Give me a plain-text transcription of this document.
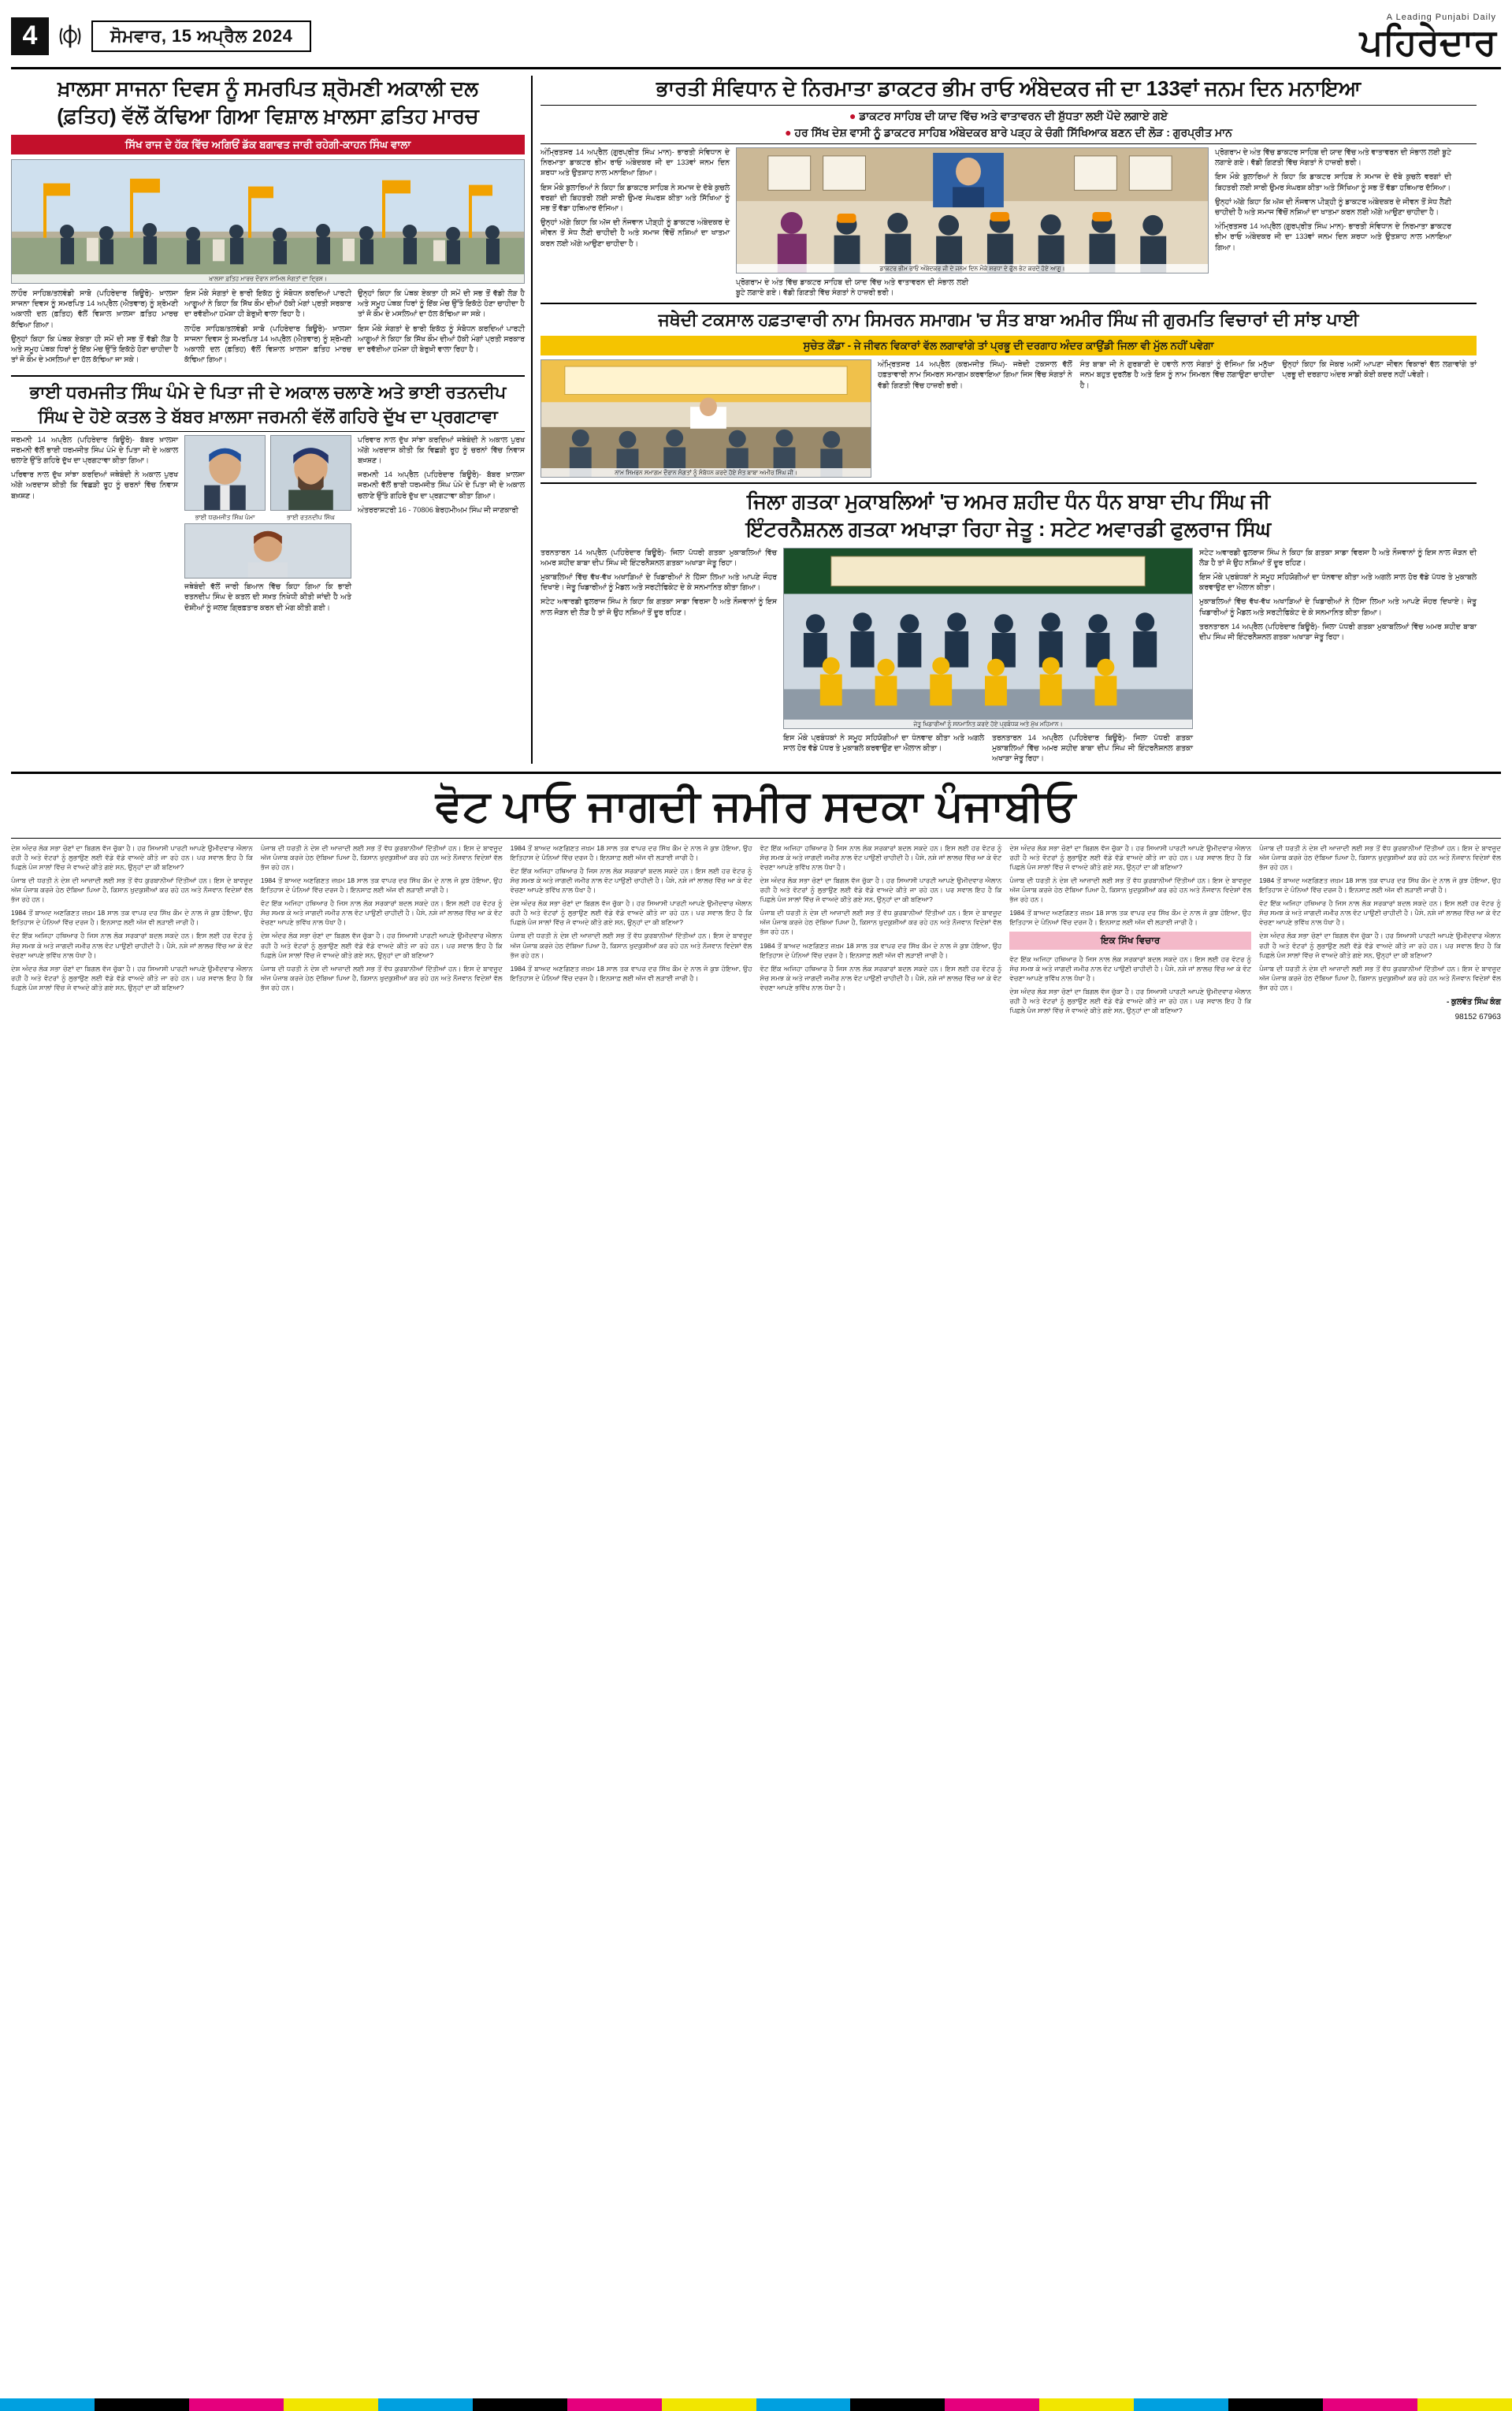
4	ਸੋਮਵਾਰ, 15 ਅਪ੍ਰੈਲ 2024
A Leading Punjabi Daily
ਪਹਿਰੇਦਾਰ
ਖ਼ਾਲਸਾ ਸਾਜਨਾ ਦਿਵਸ ਨੂੰ ਸਮਰਪਿਤ ਸ਼੍ਰੋਮਣੀ ਅਕਾਲੀ ਦਲ
(ਫ਼ਤਿਹ) ਵੱਲੋਂ ਕੱਢਿਆ ਗਿਆ ਵਿਸ਼ਾਲ ਖ਼ਾਲਸਾ ਫ਼ਤਿਹ ਮਾਰਚ
ਸਿੱਖ ਰਾਜ ਦੇ ਹੱਕ ਵਿੱਚ ਅਗਿਓਂ ਡੱਕ ਬਗਾਵਤ ਜਾਰੀ ਰਹੇਗੀ-ਕਾਹਨ ਸਿੰਘ ਵਾਲਾ
ਖ਼ਾਲਸਾ ਫ਼ਤਿਹ ਮਾਰਚ ਦੌਰਾਨ ਸ਼ਾਮਿਲ ਸੰਗਤਾਂ ਦਾ ਦ੍ਰਿਸ਼।

ਲਾਹੌਰ ਸਾਹਿਬ/ਤਲਵੰਡੀ ਸਾਬੋ (ਪਹਿਰੇਦਾਰ ਬਿਊਰੋ)- ਖ਼ਾਲਸਾ ਸਾਜਨਾ ਦਿਵਸ ਨੂੰ ਸਮਰਪਿਤ 14 ਅਪ੍ਰੈਲ (ਐਤਵਾਰ) ਨੂੰ ਸ਼੍ਰੋਮਣੀ ਅਕਾਲੀ ਦਲ (ਫ਼ਤਿਹ) ਵੱਲੋਂ ਵਿਸ਼ਾਲ ਖ਼ਾਲਸਾ ਫ਼ਤਿਹ ਮਾਰਚ ਕੱਢਿਆ ਗਿਆ।

ਉਨ੍ਹਾਂ ਕਿਹਾ ਕਿ ਪੰਥਕ ਏਕਤਾ ਹੀ ਸਮੇਂ ਦੀ ਸਭ ਤੋਂ ਵੱਡੀ ਲੋੜ ਹੈ ਅਤੇ ਸਮੂਹ ਪੰਥਕ ਧਿਰਾਂ ਨੂੰ ਇੱਕ ਮੰਚ ਉੱਤੇ ਇਕੱਠੇ ਹੋਣਾ ਚਾਹੀਦਾ ਹੈ ਤਾਂ ਜੋ ਕੌਮ ਦੇ ਮਸਲਿਆਂ ਦਾ ਹੱਲ ਕੱਢਿਆ ਜਾ ਸਕੇ।

ਇਸ ਮੌਕੇ ਸੰਗਤਾਂ ਦੇ ਭਾਰੀ ਇਕੱਠ ਨੂੰ ਸੰਬੋਧਨ ਕਰਦਿਆਂ ਪਾਰਟੀ ਆਗੂਆਂ ਨੇ ਕਿਹਾ ਕਿ ਸਿੱਖ ਕੌਮ ਦੀਆਂ ਹੱਕੀ ਮੰਗਾਂ ਪ੍ਰਤੀ ਸਰਕਾਰ ਦਾ ਰਵੱਈਆ ਹਮੇਸ਼ਾ ਹੀ ਬੇਰੁਖ਼ੀ ਵਾਲਾ ਰਿਹਾ ਹੈ।

ਲਾਹੌਰ ਸਾਹਿਬ/ਤਲਵੰਡੀ ਸਾਬੋ (ਪਹਿਰੇਦਾਰ ਬਿਊਰੋ)- ਖ਼ਾਲਸਾ ਸਾਜਨਾ ਦਿਵਸ ਨੂੰ ਸਮਰਪਿਤ 14 ਅਪ੍ਰੈਲ (ਐਤਵਾਰ) ਨੂੰ ਸ਼੍ਰੋਮਣੀ ਅਕਾਲੀ ਦਲ (ਫ਼ਤਿਹ) ਵੱਲੋਂ ਵਿਸ਼ਾਲ ਖ਼ਾਲਸਾ ਫ਼ਤਿਹ ਮਾਰਚ ਕੱਢਿਆ ਗਿਆ।

ਉਨ੍ਹਾਂ ਕਿਹਾ ਕਿ ਪੰਥਕ ਏਕਤਾ ਹੀ ਸਮੇਂ ਦੀ ਸਭ ਤੋਂ ਵੱਡੀ ਲੋੜ ਹੈ ਅਤੇ ਸਮੂਹ ਪੰਥਕ ਧਿਰਾਂ ਨੂੰ ਇੱਕ ਮੰਚ ਉੱਤੇ ਇਕੱਠੇ ਹੋਣਾ ਚਾਹੀਦਾ ਹੈ ਤਾਂ ਜੋ ਕੌਮ ਦੇ ਮਸਲਿਆਂ ਦਾ ਹੱਲ ਕੱਢਿਆ ਜਾ ਸਕੇ।

ਇਸ ਮੌਕੇ ਸੰਗਤਾਂ ਦੇ ਭਾਰੀ ਇਕੱਠ ਨੂੰ ਸੰਬੋਧਨ ਕਰਦਿਆਂ ਪਾਰਟੀ ਆਗੂਆਂ ਨੇ ਕਿਹਾ ਕਿ ਸਿੱਖ ਕੌਮ ਦੀਆਂ ਹੱਕੀ ਮੰਗਾਂ ਪ੍ਰਤੀ ਸਰਕਾਰ ਦਾ ਰਵੱਈਆ ਹਮੇਸ਼ਾ ਹੀ ਬੇਰੁਖ਼ੀ ਵਾਲਾ ਰਿਹਾ ਹੈ।

ਭਾਈ ਧਰਮਜੀਤ ਸਿੰਘ ਪੰਮੇ ਦੇ ਪਿਤਾ ਜੀ ਦੇ ਅਕਾਲ ਚਲਾਣੇ ਅਤੇ ਭਾਈ ਰਤਨਦੀਪ
ਸਿੰਘ ਦੇ ਹੋਏ ਕਤਲ ਤੇ ਬੱਬਰ ਖ਼ਾਲਸਾ ਜਰਮਨੀ ਵੱਲੋਂ ਗਹਿਰੇ ਦੁੱਖ ਦਾ ਪ੍ਰਗਟਾਵਾ

ਜਰਮਨੀ 14 ਅਪ੍ਰੈਲ (ਪਹਿਰੇਦਾਰ ਬਿਊਰੋ)- ਬੱਬਰ ਖ਼ਾਲਸਾ ਜਰਮਨੀ ਵੱਲੋਂ ਭਾਈ ਧਰਮਜੀਤ ਸਿੰਘ ਪੰਮੇ ਦੇ ਪਿਤਾ ਜੀ ਦੇ ਅਕਾਲ ਚਲਾਣੇ ਉੱਤੇ ਗਹਿਰੇ ਦੁੱਖ ਦਾ ਪ੍ਰਗਟਾਵਾ ਕੀਤਾ ਗਿਆ।

ਪਰਿਵਾਰ ਨਾਲ ਦੁੱਖ ਸਾਂਝਾ ਕਰਦਿਆਂ ਜਥੇਬੰਦੀ ਨੇ ਅਕਾਲ ਪੁਰਖ ਅੱਗੇ ਅਰਦਾਸ ਕੀਤੀ ਕਿ ਵਿਛੜੀ ਰੂਹ ਨੂੰ ਚਰਨਾਂ ਵਿੱਚ ਨਿਵਾਸ ਬਖ਼ਸ਼ਣ।

ਭਾਈ ਧਰਮਜੀਤ ਸਿੰਘ ਪੰਮਾ	ਭਾਈ ਰਤਨਦੀਪ ਸਿੰਘ

ਜਥੇਬੰਦੀ ਵੱਲੋਂ ਜਾਰੀ ਬਿਆਨ ਵਿੱਚ ਕਿਹਾ ਗਿਆ ਕਿ ਭਾਈ ਰਤਨਦੀਪ ਸਿੰਘ ਦੇ ਕਤਲ ਦੀ ਸਖ਼ਤ ਨਿਖੇਧੀ ਕੀਤੀ ਜਾਂਦੀ ਹੈ ਅਤੇ ਦੋਸ਼ੀਆਂ ਨੂੰ ਜਲਦ ਗ੍ਰਿਫ਼ਤਾਰ ਕਰਨ ਦੀ ਮੰਗ ਕੀਤੀ ਗਈ।

ਪਰਿਵਾਰ ਨਾਲ ਦੁੱਖ ਸਾਂਝਾ ਕਰਦਿਆਂ ਜਥੇਬੰਦੀ ਨੇ ਅਕਾਲ ਪੁਰਖ ਅੱਗੇ ਅਰਦਾਸ ਕੀਤੀ ਕਿ ਵਿਛੜੀ ਰੂਹ ਨੂੰ ਚਰਨਾਂ ਵਿੱਚ ਨਿਵਾਸ ਬਖ਼ਸ਼ਣ।

ਜਰਮਨੀ 14 ਅਪ੍ਰੈਲ (ਪਹਿਰੇਦਾਰ ਬਿਊਰੋ)- ਬੱਬਰ ਖ਼ਾਲਸਾ ਜਰਮਨੀ ਵੱਲੋਂ ਭਾਈ ਧਰਮਜੀਤ ਸਿੰਘ ਪੰਮੇ ਦੇ ਪਿਤਾ ਜੀ ਦੇ ਅਕਾਲ ਚਲਾਣੇ ਉੱਤੇ ਗਹਿਰੇ ਦੁੱਖ ਦਾ ਪ੍ਰਗਟਾਵਾ ਕੀਤਾ ਗਿਆ।

ਅੰਤਰਰਾਸ਼ਟਰੀ 16 - 70806 ਬੇਰਹਮੀਅਮ ਸਿੰਘ ਜੀ ਜਾਣਕਾਰੀ

ਭਾਰਤੀ ਸੰਵਿਧਾਨ ਦੇ ਨਿਰਮਾਤਾ ਡਾਕਟਰ ਭੀਮ ਰਾਓ ਅੰਬੇਦਕਰ ਜੀ ਦਾ 133ਵਾਂ ਜਨਮ ਦਿਨ ਮਨਾਇਆ
● ਡਾਕਟਰ ਸਾਹਿਬ ਦੀ ਯਾਦ ਵਿੱਚ ਅਤੇ ਵਾਤਾਵਰਨ ਦੀ ਸ਼ੁੱਧਤਾ ਲਈ ਪੌਦੇ ਲਗਾਏ ਗਏ
● ਹਰ ਸਿੱਖ ਦੇਸ਼ ਵਾਸੀ ਨੂੰ ਡਾਕਟਰ ਸਾਹਿਬ ਅੰਬੇਦਕਰ ਬਾਰੇ ਪੜ੍ਹ ਕੇ ਚੰਗੀ ਸਿੱਖਿਆਕ ਬਣਨ ਦੀ ਲੋੜ : ਗੁਰਪ੍ਰੀਤ ਮਾਨ

ਅੰਮ੍ਰਿਤਸਰ 14 ਅਪ੍ਰੈਲ (ਗੁਰਪ੍ਰੀਤ ਸਿੰਘ ਮਾਨ)- ਭਾਰਤੀ ਸੰਵਿਧਾਨ ਦੇ ਨਿਰਮਾਤਾ ਡਾਕਟਰ ਭੀਮ ਰਾਓ ਅੰਬੇਦਕਰ ਜੀ ਦਾ 133ਵਾਂ ਜਨਮ ਦਿਨ ਸ਼ਰਧਾ ਅਤੇ ਉਤਸ਼ਾਹ ਨਾਲ ਮਨਾਇਆ ਗਿਆ।

ਇਸ ਮੌਕੇ ਬੁਲਾਰਿਆਂ ਨੇ ਕਿਹਾ ਕਿ ਡਾਕਟਰ ਸਾਹਿਬ ਨੇ ਸਮਾਜ ਦੇ ਦੱਬੇ ਕੁਚਲੇ ਵਰਗਾਂ ਦੀ ਬਿਹਤਰੀ ਲਈ ਸਾਰੀ ਉਮਰ ਸੰਘਰਸ਼ ਕੀਤਾ ਅਤੇ ਸਿੱਖਿਆ ਨੂੰ ਸਭ ਤੋਂ ਵੱਡਾ ਹਥਿਆਰ ਦੱਸਿਆ।

ਉਨ੍ਹਾਂ ਅੱਗੇ ਕਿਹਾ ਕਿ ਅੱਜ ਦੀ ਨੌਜਵਾਨ ਪੀੜ੍ਹੀ ਨੂੰ ਡਾਕਟਰ ਅੰਬੇਦਕਰ ਦੇ ਜੀਵਨ ਤੋਂ ਸੇਧ ਲੈਣੀ ਚਾਹੀਦੀ ਹੈ ਅਤੇ ਸਮਾਜ ਵਿੱਚੋਂ ਨਸ਼ਿਆਂ ਦਾ ਖਾਤਮਾ ਕਰਨ ਲਈ ਅੱਗੇ ਆਉਣਾ ਚਾਹੀਦਾ ਹੈ।

ਡਾਕਟਰ ਭੀਮ ਰਾਓ ਅੰਬੇਦਕਰ ਜੀ ਦੇ ਜਨਮ ਦਿਨ ਮੌਕੇ ਸ਼ਰਧਾ ਦੇ ਫੁੱਲ ਭੇਟ ਕਰਦੇ ਹੋਏ ਆਗੂ।

ਪ੍ਰੋਗਰਾਮ ਦੇ ਅੰਤ ਵਿੱਚ ਡਾਕਟਰ ਸਾਹਿਬ ਦੀ ਯਾਦ ਵਿੱਚ ਅਤੇ ਵਾਤਾਵਰਨ ਦੀ ਸੰਭਾਲ ਲਈ ਬੂਟੇ ਲਗਾਏ ਗਏ। ਵੱਡੀ ਗਿਣਤੀ ਵਿੱਚ ਸੰਗਤਾਂ ਨੇ ਹਾਜ਼ਰੀ ਭਰੀ।

ਪ੍ਰੋਗਰਾਮ ਦੇ ਅੰਤ ਵਿੱਚ ਡਾਕਟਰ ਸਾਹਿਬ ਦੀ ਯਾਦ ਵਿੱਚ ਅਤੇ ਵਾਤਾਵਰਨ ਦੀ ਸੰਭਾਲ ਲਈ ਬੂਟੇ ਲਗਾਏ ਗਏ। ਵੱਡੀ ਗਿਣਤੀ ਵਿੱਚ ਸੰਗਤਾਂ ਨੇ ਹਾਜ਼ਰੀ ਭਰੀ।

ਇਸ ਮੌਕੇ ਬੁਲਾਰਿਆਂ ਨੇ ਕਿਹਾ ਕਿ ਡਾਕਟਰ ਸਾਹਿਬ ਨੇ ਸਮਾਜ ਦੇ ਦੱਬੇ ਕੁਚਲੇ ਵਰਗਾਂ ਦੀ ਬਿਹਤਰੀ ਲਈ ਸਾਰੀ ਉਮਰ ਸੰਘਰਸ਼ ਕੀਤਾ ਅਤੇ ਸਿੱਖਿਆ ਨੂੰ ਸਭ ਤੋਂ ਵੱਡਾ ਹਥਿਆਰ ਦੱਸਿਆ।

ਉਨ੍ਹਾਂ ਅੱਗੇ ਕਿਹਾ ਕਿ ਅੱਜ ਦੀ ਨੌਜਵਾਨ ਪੀੜ੍ਹੀ ਨੂੰ ਡਾਕਟਰ ਅੰਬੇਦਕਰ ਦੇ ਜੀਵਨ ਤੋਂ ਸੇਧ ਲੈਣੀ ਚਾਹੀਦੀ ਹੈ ਅਤੇ ਸਮਾਜ ਵਿੱਚੋਂ ਨਸ਼ਿਆਂ ਦਾ ਖਾਤਮਾ ਕਰਨ ਲਈ ਅੱਗੇ ਆਉਣਾ ਚਾਹੀਦਾ ਹੈ।

ਅੰਮ੍ਰਿਤਸਰ 14 ਅਪ੍ਰੈਲ (ਗੁਰਪ੍ਰੀਤ ਸਿੰਘ ਮਾਨ)- ਭਾਰਤੀ ਸੰਵਿਧਾਨ ਦੇ ਨਿਰਮਾਤਾ ਡਾਕਟਰ ਭੀਮ ਰਾਓ ਅੰਬੇਦਕਰ ਜੀ ਦਾ 133ਵਾਂ ਜਨਮ ਦਿਨ ਸ਼ਰਧਾ ਅਤੇ ਉਤਸ਼ਾਹ ਨਾਲ ਮਨਾਇਆ ਗਿਆ।

ਜਥੇਦੀ ਟਕਸਾਲ ਹਫ਼ਤਾਵਾਰੀ ਨਾਮ ਸਿਮਰਨ ਸਮਾਗਮ 'ਚ ਸੰਤ ਬਾਬਾ ਅਮੀਰ ਸਿੰਘ ਜੀ ਗੁਰਮਤਿ ਵਿਚਾਰਾਂ ਦੀ ਸਾਂਝ ਪਾਈ
ਸੁਚੇਤ ਕੌਂਡਾ - ਜੇ ਜੀਵਨ ਵਿਕਾਰਾਂ ਵੱਲ ਲਗਾਵਾਂਗੇ ਤਾਂ ਪ੍ਰਭੂ ਦੀ ਦਰਗਾਹ ਅੰਦਰ ਕਾਉਂਡੀ ਜਿਲਾ ਵੀ ਮੁੱਲ ਨਹੀਂ ਪਵੇਗਾ
ਨਾਮ ਸਿਮਰਨ ਸਮਾਗਮ ਦੌਰਾਨ ਸੰਗਤਾਂ ਨੂੰ ਸੰਬੋਧਨ ਕਰਦੇ ਹੋਏ ਸੰਤ ਬਾਬਾ ਅਮੀਰ ਸਿੰਘ ਜੀ।

ਅੰਮ੍ਰਿਤਸਰ 14 ਅਪ੍ਰੈਲ (ਕਰਮਜੀਤ ਸਿੰਘ)- ਜਥੇਦੀ ਟਕਸਾਲ ਵੱਲੋਂ ਹਫ਼ਤਾਵਾਰੀ ਨਾਮ ਸਿਮਰਨ ਸਮਾਗਮ ਕਰਵਾਇਆ ਗਿਆ ਜਿਸ ਵਿੱਚ ਸੰਗਤਾਂ ਨੇ ਵੱਡੀ ਗਿਣਤੀ ਵਿੱਚ ਹਾਜ਼ਰੀ ਭਰੀ।

ਸੰਤ ਬਾਬਾ ਜੀ ਨੇ ਗੁਰਬਾਣੀ ਦੇ ਹਵਾਲੇ ਨਾਲ ਸੰਗਤਾਂ ਨੂੰ ਦੱਸਿਆ ਕਿ ਮਨੁੱਖਾ ਜਨਮ ਬਹੁਤ ਦੁਰਲੱਭ ਹੈ ਅਤੇ ਇਸ ਨੂੰ ਨਾਮ ਸਿਮਰਨ ਵਿੱਚ ਲਗਾਉਣਾ ਚਾਹੀਦਾ ਹੈ।

ਉਨ੍ਹਾਂ ਕਿਹਾ ਕਿ ਜੇਕਰ ਅਸੀਂ ਆਪਣਾ ਜੀਵਨ ਵਿਕਾਰਾਂ ਵੱਲ ਲਗਾਵਾਂਗੇ ਤਾਂ ਪ੍ਰਭੂ ਦੀ ਦਰਗਾਹ ਅੰਦਰ ਸਾਡੀ ਕੋਈ ਕਦਰ ਨਹੀਂ ਪਵੇਗੀ।

ਜਿਲਾ ਗਤਕਾ ਮੁਕਾਬਲਿਆਂ 'ਚ ਅਮਰ ਸ਼ਹੀਦ ਧੰਨ ਧੰਨ ਬਾਬਾ ਦੀਪ ਸਿੰਘ ਜੀ
ਇੰਟਰਨੈਸ਼ਨਲ ਗਤਕਾ ਅਖਾੜਾ ਰਿਹਾ ਜੇਤੂ : ਸਟੇਟ ਅਵਾਰਡੀ ਫੁਲਰਾਜ ਸਿੰਘ

ਤਰਨਤਾਰਨ 14 ਅਪ੍ਰੈਲ (ਪਹਿਰੇਦਾਰ ਬਿਊਰੋ)- ਜਿਲਾ ਪੱਧਰੀ ਗਤਕਾ ਮੁਕਾਬਲਿਆਂ ਵਿੱਚ ਅਮਰ ਸ਼ਹੀਦ ਬਾਬਾ ਦੀਪ ਸਿੰਘ ਜੀ ਇੰਟਰਨੈਸ਼ਨਲ ਗਤਕਾ ਅਖਾੜਾ ਜੇਤੂ ਰਿਹਾ।

ਮੁਕਾਬਲਿਆਂ ਵਿੱਚ ਵੱਖ-ਵੱਖ ਅਖਾੜਿਆਂ ਦੇ ਖਿਡਾਰੀਆਂ ਨੇ ਹਿੱਸਾ ਲਿਆ ਅਤੇ ਆਪਣੇ ਜੌਹਰ ਦਿਖਾਏ। ਜੇਤੂ ਖਿਡਾਰੀਆਂ ਨੂੰ ਮੈਡਲ ਅਤੇ ਸਰਟੀਫਿਕੇਟ ਦੇ ਕੇ ਸਨਮਾਨਿਤ ਕੀਤਾ ਗਿਆ।

ਸਟੇਟ ਅਵਾਰਡੀ ਫੁਲਰਾਜ ਸਿੰਘ ਨੇ ਕਿਹਾ ਕਿ ਗਤਕਾ ਸਾਡਾ ਵਿਰਸਾ ਹੈ ਅਤੇ ਨੌਜਵਾਨਾਂ ਨੂੰ ਇਸ ਨਾਲ ਜੋੜਨ ਦੀ ਲੋੜ ਹੈ ਤਾਂ ਜੋ ਉਹ ਨਸ਼ਿਆਂ ਤੋਂ ਦੂਰ ਰਹਿਣ।

ਜੇਤੂ ਖਿਡਾਰੀਆਂ ਨੂੰ ਸਨਮਾਨਿਤ ਕਰਦੇ ਹੋਏ ਪ੍ਰਬੰਧਕ ਅਤੇ ਮੁੱਖ ਮਹਿਮਾਨ।

ਇਸ ਮੌਕੇ ਪ੍ਰਬੰਧਕਾਂ ਨੇ ਸਮੂਹ ਸਹਿਯੋਗੀਆਂ ਦਾ ਧੰਨਵਾਦ ਕੀਤਾ ਅਤੇ ਅਗਲੇ ਸਾਲ ਹੋਰ ਵੱਡੇ ਪੱਧਰ ਤੇ ਮੁਕਾਬਲੇ ਕਰਵਾਉਣ ਦਾ ਐਲਾਨ ਕੀਤਾ।

ਤਰਨਤਾਰਨ 14 ਅਪ੍ਰੈਲ (ਪਹਿਰੇਦਾਰ ਬਿਊਰੋ)- ਜਿਲਾ ਪੱਧਰੀ ਗਤਕਾ ਮੁਕਾਬਲਿਆਂ ਵਿੱਚ ਅਮਰ ਸ਼ਹੀਦ ਬਾਬਾ ਦੀਪ ਸਿੰਘ ਜੀ ਇੰਟਰਨੈਸ਼ਨਲ ਗਤਕਾ ਅਖਾੜਾ ਜੇਤੂ ਰਿਹਾ।

ਸਟੇਟ ਅਵਾਰਡੀ ਫੁਲਰਾਜ ਸਿੰਘ ਨੇ ਕਿਹਾ ਕਿ ਗਤਕਾ ਸਾਡਾ ਵਿਰਸਾ ਹੈ ਅਤੇ ਨੌਜਵਾਨਾਂ ਨੂੰ ਇਸ ਨਾਲ ਜੋੜਨ ਦੀ ਲੋੜ ਹੈ ਤਾਂ ਜੋ ਉਹ ਨਸ਼ਿਆਂ ਤੋਂ ਦੂਰ ਰਹਿਣ।

ਇਸ ਮੌਕੇ ਪ੍ਰਬੰਧਕਾਂ ਨੇ ਸਮੂਹ ਸਹਿਯੋਗੀਆਂ ਦਾ ਧੰਨਵਾਦ ਕੀਤਾ ਅਤੇ ਅਗਲੇ ਸਾਲ ਹੋਰ ਵੱਡੇ ਪੱਧਰ ਤੇ ਮੁਕਾਬਲੇ ਕਰਵਾਉਣ ਦਾ ਐਲਾਨ ਕੀਤਾ।

ਮੁਕਾਬਲਿਆਂ ਵਿੱਚ ਵੱਖ-ਵੱਖ ਅਖਾੜਿਆਂ ਦੇ ਖਿਡਾਰੀਆਂ ਨੇ ਹਿੱਸਾ ਲਿਆ ਅਤੇ ਆਪਣੇ ਜੌਹਰ ਦਿਖਾਏ। ਜੇਤੂ ਖਿਡਾਰੀਆਂ ਨੂੰ ਮੈਡਲ ਅਤੇ ਸਰਟੀਫਿਕੇਟ ਦੇ ਕੇ ਸਨਮਾਨਿਤ ਕੀਤਾ ਗਿਆ।

ਤਰਨਤਾਰਨ 14 ਅਪ੍ਰੈਲ (ਪਹਿਰੇਦਾਰ ਬਿਊਰੋ)- ਜਿਲਾ ਪੱਧਰੀ ਗਤਕਾ ਮੁਕਾਬਲਿਆਂ ਵਿੱਚ ਅਮਰ ਸ਼ਹੀਦ ਬਾਬਾ ਦੀਪ ਸਿੰਘ ਜੀ ਇੰਟਰਨੈਸ਼ਨਲ ਗਤਕਾ ਅਖਾੜਾ ਜੇਤੂ ਰਿਹਾ।

ਵੋਟ ਪਾਓ ਜਾਗਦੀ ਜਮੀਰ ਸਦਕਾ ਪੰਜਾਬੀਓ

ਦੇਸ਼ ਅੰਦਰ ਲੋਕ ਸਭਾ ਚੋਣਾਂ ਦਾ ਬਿਗਲ ਵੱਜ ਚੁੱਕਾ ਹੈ। ਹਰ ਸਿਆਸੀ ਪਾਰਟੀ ਆਪਣੇ ਉਮੀਦਵਾਰ ਐਲਾਨ ਰਹੀ ਹੈ ਅਤੇ ਵੋਟਰਾਂ ਨੂੰ ਲੁਭਾਉਣ ਲਈ ਵੱਡੇ ਵੱਡੇ ਵਾਅਦੇ ਕੀਤੇ ਜਾ ਰਹੇ ਹਨ। ਪਰ ਸਵਾਲ ਇਹ ਹੈ ਕਿ ਪਿਛਲੇ ਪੰਜ ਸਾਲਾਂ ਵਿੱਚ ਜੋ ਵਾਅਦੇ ਕੀਤੇ ਗਏ ਸਨ, ਉਨ੍ਹਾਂ ਦਾ ਕੀ ਬਣਿਆ?

ਪੰਜਾਬ ਦੀ ਧਰਤੀ ਨੇ ਦੇਸ਼ ਦੀ ਆਜ਼ਾਦੀ ਲਈ ਸਭ ਤੋਂ ਵੱਧ ਕੁਰਬਾਨੀਆਂ ਦਿੱਤੀਆਂ ਹਨ। ਇਸ ਦੇ ਬਾਵਜੂਦ ਅੱਜ ਪੰਜਾਬ ਕਰਜ਼ੇ ਹੇਠ ਦੱਬਿਆ ਪਿਆ ਹੈ, ਕਿਸਾਨ ਖੁਦਕੁਸ਼ੀਆਂ ਕਰ ਰਹੇ ਹਨ ਅਤੇ ਨੌਜਵਾਨ ਵਿਦੇਸ਼ਾਂ ਵੱਲ ਭੱਜ ਰਹੇ ਹਨ।

1984 ਤੋਂ ਬਾਅਦ ਅਣਗਿਣਤ ਜ਼ਖ਼ਮ 18 ਸਾਲ ਤਕ ਵਾਪਰ ਦਰ ਸਿੱਖ ਕੌਮ ਦੇ ਨਾਲ ਜੋ ਕੁਝ ਹੋਇਆ, ਉਹ ਇਤਿਹਾਸ ਦੇ ਪੰਨਿਆਂ ਵਿੱਚ ਦਰਜ ਹੈ। ਇਨਸਾਫ਼ ਲਈ ਅੱਜ ਵੀ ਲੜਾਈ ਜਾਰੀ ਹੈ।

ਵੋਟ ਇੱਕ ਅਜਿਹਾ ਹਥਿਆਰ ਹੈ ਜਿਸ ਨਾਲ ਲੋਕ ਸਰਕਾਰਾਂ ਬਦਲ ਸਕਦੇ ਹਨ। ਇਸ ਲਈ ਹਰ ਵੋਟਰ ਨੂੰ ਸੋਚ ਸਮਝ ਕੇ ਅਤੇ ਜਾਗਦੀ ਜਮੀਰ ਨਾਲ ਵੋਟ ਪਾਉਣੀ ਚਾਹੀਦੀ ਹੈ। ਪੈਸੇ, ਨਸ਼ੇ ਜਾਂ ਲਾਲਚ ਵਿੱਚ ਆ ਕੇ ਵੋਟ ਵੇਚਣਾ ਆਪਣੇ ਭਵਿੱਖ ਨਾਲ ਧੋਖਾ ਹੈ।

ਦੇਸ਼ ਅੰਦਰ ਲੋਕ ਸਭਾ ਚੋਣਾਂ ਦਾ ਬਿਗਲ ਵੱਜ ਚੁੱਕਾ ਹੈ। ਹਰ ਸਿਆਸੀ ਪਾਰਟੀ ਆਪਣੇ ਉਮੀਦਵਾਰ ਐਲਾਨ ਰਹੀ ਹੈ ਅਤੇ ਵੋਟਰਾਂ ਨੂੰ ਲੁਭਾਉਣ ਲਈ ਵੱਡੇ ਵੱਡੇ ਵਾਅਦੇ ਕੀਤੇ ਜਾ ਰਹੇ ਹਨ। ਪਰ ਸਵਾਲ ਇਹ ਹੈ ਕਿ ਪਿਛਲੇ ਪੰਜ ਸਾਲਾਂ ਵਿੱਚ ਜੋ ਵਾਅਦੇ ਕੀਤੇ ਗਏ ਸਨ, ਉਨ੍ਹਾਂ ਦਾ ਕੀ ਬਣਿਆ?

ਪੰਜਾਬ ਦੀ ਧਰਤੀ ਨੇ ਦੇਸ਼ ਦੀ ਆਜ਼ਾਦੀ ਲਈ ਸਭ ਤੋਂ ਵੱਧ ਕੁਰਬਾਨੀਆਂ ਦਿੱਤੀਆਂ ਹਨ। ਇਸ ਦੇ ਬਾਵਜੂਦ ਅੱਜ ਪੰਜਾਬ ਕਰਜ਼ੇ ਹੇਠ ਦੱਬਿਆ ਪਿਆ ਹੈ, ਕਿਸਾਨ ਖੁਦਕੁਸ਼ੀਆਂ ਕਰ ਰਹੇ ਹਨ ਅਤੇ ਨੌਜਵਾਨ ਵਿਦੇਸ਼ਾਂ ਵੱਲ ਭੱਜ ਰਹੇ ਹਨ।

1984 ਤੋਂ ਬਾਅਦ ਅਣਗਿਣਤ ਜ਼ਖ਼ਮ 18 ਸਾਲ ਤਕ ਵਾਪਰ ਦਰ ਸਿੱਖ ਕੌਮ ਦੇ ਨਾਲ ਜੋ ਕੁਝ ਹੋਇਆ, ਉਹ ਇਤਿਹਾਸ ਦੇ ਪੰਨਿਆਂ ਵਿੱਚ ਦਰਜ ਹੈ। ਇਨਸਾਫ਼ ਲਈ ਅੱਜ ਵੀ ਲੜਾਈ ਜਾਰੀ ਹੈ।

ਵੋਟ ਇੱਕ ਅਜਿਹਾ ਹਥਿਆਰ ਹੈ ਜਿਸ ਨਾਲ ਲੋਕ ਸਰਕਾਰਾਂ ਬਦਲ ਸਕਦੇ ਹਨ। ਇਸ ਲਈ ਹਰ ਵੋਟਰ ਨੂੰ ਸੋਚ ਸਮਝ ਕੇ ਅਤੇ ਜਾਗਦੀ ਜਮੀਰ ਨਾਲ ਵੋਟ ਪਾਉਣੀ ਚਾਹੀਦੀ ਹੈ। ਪੈਸੇ, ਨਸ਼ੇ ਜਾਂ ਲਾਲਚ ਵਿੱਚ ਆ ਕੇ ਵੋਟ ਵੇਚਣਾ ਆਪਣੇ ਭਵਿੱਖ ਨਾਲ ਧੋਖਾ ਹੈ।

ਦੇਸ਼ ਅੰਦਰ ਲੋਕ ਸਭਾ ਚੋਣਾਂ ਦਾ ਬਿਗਲ ਵੱਜ ਚੁੱਕਾ ਹੈ। ਹਰ ਸਿਆਸੀ ਪਾਰਟੀ ਆਪਣੇ ਉਮੀਦਵਾਰ ਐਲਾਨ ਰਹੀ ਹੈ ਅਤੇ ਵੋਟਰਾਂ ਨੂੰ ਲੁਭਾਉਣ ਲਈ ਵੱਡੇ ਵੱਡੇ ਵਾਅਦੇ ਕੀਤੇ ਜਾ ਰਹੇ ਹਨ। ਪਰ ਸਵਾਲ ਇਹ ਹੈ ਕਿ ਪਿਛਲੇ ਪੰਜ ਸਾਲਾਂ ਵਿੱਚ ਜੋ ਵਾਅਦੇ ਕੀਤੇ ਗਏ ਸਨ, ਉਨ੍ਹਾਂ ਦਾ ਕੀ ਬਣਿਆ?

ਪੰਜਾਬ ਦੀ ਧਰਤੀ ਨੇ ਦੇਸ਼ ਦੀ ਆਜ਼ਾਦੀ ਲਈ ਸਭ ਤੋਂ ਵੱਧ ਕੁਰਬਾਨੀਆਂ ਦਿੱਤੀਆਂ ਹਨ। ਇਸ ਦੇ ਬਾਵਜੂਦ ਅੱਜ ਪੰਜਾਬ ਕਰਜ਼ੇ ਹੇਠ ਦੱਬਿਆ ਪਿਆ ਹੈ, ਕਿਸਾਨ ਖੁਦਕੁਸ਼ੀਆਂ ਕਰ ਰਹੇ ਹਨ ਅਤੇ ਨੌਜਵਾਨ ਵਿਦੇਸ਼ਾਂ ਵੱਲ ਭੱਜ ਰਹੇ ਹਨ।

1984 ਤੋਂ ਬਾਅਦ ਅਣਗਿਣਤ ਜ਼ਖ਼ਮ 18 ਸਾਲ ਤਕ ਵਾਪਰ ਦਰ ਸਿੱਖ ਕੌਮ ਦੇ ਨਾਲ ਜੋ ਕੁਝ ਹੋਇਆ, ਉਹ ਇਤਿਹਾਸ ਦੇ ਪੰਨਿਆਂ ਵਿੱਚ ਦਰਜ ਹੈ। ਇਨਸਾਫ਼ ਲਈ ਅੱਜ ਵੀ ਲੜਾਈ ਜਾਰੀ ਹੈ।

ਵੋਟ ਇੱਕ ਅਜਿਹਾ ਹਥਿਆਰ ਹੈ ਜਿਸ ਨਾਲ ਲੋਕ ਸਰਕਾਰਾਂ ਬਦਲ ਸਕਦੇ ਹਨ। ਇਸ ਲਈ ਹਰ ਵੋਟਰ ਨੂੰ ਸੋਚ ਸਮਝ ਕੇ ਅਤੇ ਜਾਗਦੀ ਜਮੀਰ ਨਾਲ ਵੋਟ ਪਾਉਣੀ ਚਾਹੀਦੀ ਹੈ। ਪੈਸੇ, ਨਸ਼ੇ ਜਾਂ ਲਾਲਚ ਵਿੱਚ ਆ ਕੇ ਵੋਟ ਵੇਚਣਾ ਆਪਣੇ ਭਵਿੱਖ ਨਾਲ ਧੋਖਾ ਹੈ।

ਦੇਸ਼ ਅੰਦਰ ਲੋਕ ਸਭਾ ਚੋਣਾਂ ਦਾ ਬਿਗਲ ਵੱਜ ਚੁੱਕਾ ਹੈ। ਹਰ ਸਿਆਸੀ ਪਾਰਟੀ ਆਪਣੇ ਉਮੀਦਵਾਰ ਐਲਾਨ ਰਹੀ ਹੈ ਅਤੇ ਵੋਟਰਾਂ ਨੂੰ ਲੁਭਾਉਣ ਲਈ ਵੱਡੇ ਵੱਡੇ ਵਾਅਦੇ ਕੀਤੇ ਜਾ ਰਹੇ ਹਨ। ਪਰ ਸਵਾਲ ਇਹ ਹੈ ਕਿ ਪਿਛਲੇ ਪੰਜ ਸਾਲਾਂ ਵਿੱਚ ਜੋ ਵਾਅਦੇ ਕੀਤੇ ਗਏ ਸਨ, ਉਨ੍ਹਾਂ ਦਾ ਕੀ ਬਣਿਆ?

ਪੰਜਾਬ ਦੀ ਧਰਤੀ ਨੇ ਦੇਸ਼ ਦੀ ਆਜ਼ਾਦੀ ਲਈ ਸਭ ਤੋਂ ਵੱਧ ਕੁਰਬਾਨੀਆਂ ਦਿੱਤੀਆਂ ਹਨ। ਇਸ ਦੇ ਬਾਵਜੂਦ ਅੱਜ ਪੰਜਾਬ ਕਰਜ਼ੇ ਹੇਠ ਦੱਬਿਆ ਪਿਆ ਹੈ, ਕਿਸਾਨ ਖੁਦਕੁਸ਼ੀਆਂ ਕਰ ਰਹੇ ਹਨ ਅਤੇ ਨੌਜਵਾਨ ਵਿਦੇਸ਼ਾਂ ਵੱਲ ਭੱਜ ਰਹੇ ਹਨ।

1984 ਤੋਂ ਬਾਅਦ ਅਣਗਿਣਤ ਜ਼ਖ਼ਮ 18 ਸਾਲ ਤਕ ਵਾਪਰ ਦਰ ਸਿੱਖ ਕੌਮ ਦੇ ਨਾਲ ਜੋ ਕੁਝ ਹੋਇਆ, ਉਹ ਇਤਿਹਾਸ ਦੇ ਪੰਨਿਆਂ ਵਿੱਚ ਦਰਜ ਹੈ। ਇਨਸਾਫ਼ ਲਈ ਅੱਜ ਵੀ ਲੜਾਈ ਜਾਰੀ ਹੈ।

ਵੋਟ ਇੱਕ ਅਜਿਹਾ ਹਥਿਆਰ ਹੈ ਜਿਸ ਨਾਲ ਲੋਕ ਸਰਕਾਰਾਂ ਬਦਲ ਸਕਦੇ ਹਨ। ਇਸ ਲਈ ਹਰ ਵੋਟਰ ਨੂੰ ਸੋਚ ਸਮਝ ਕੇ ਅਤੇ ਜਾਗਦੀ ਜਮੀਰ ਨਾਲ ਵੋਟ ਪਾਉਣੀ ਚਾਹੀਦੀ ਹੈ। ਪੈਸੇ, ਨਸ਼ੇ ਜਾਂ ਲਾਲਚ ਵਿੱਚ ਆ ਕੇ ਵੋਟ ਵੇਚਣਾ ਆਪਣੇ ਭਵਿੱਖ ਨਾਲ ਧੋਖਾ ਹੈ।

ਦੇਸ਼ ਅੰਦਰ ਲੋਕ ਸਭਾ ਚੋਣਾਂ ਦਾ ਬਿਗਲ ਵੱਜ ਚੁੱਕਾ ਹੈ। ਹਰ ਸਿਆਸੀ ਪਾਰਟੀ ਆਪਣੇ ਉਮੀਦਵਾਰ ਐਲਾਨ ਰਹੀ ਹੈ ਅਤੇ ਵੋਟਰਾਂ ਨੂੰ ਲੁਭਾਉਣ ਲਈ ਵੱਡੇ ਵੱਡੇ ਵਾਅਦੇ ਕੀਤੇ ਜਾ ਰਹੇ ਹਨ। ਪਰ ਸਵਾਲ ਇਹ ਹੈ ਕਿ ਪਿਛਲੇ ਪੰਜ ਸਾਲਾਂ ਵਿੱਚ ਜੋ ਵਾਅਦੇ ਕੀਤੇ ਗਏ ਸਨ, ਉਨ੍ਹਾਂ ਦਾ ਕੀ ਬਣਿਆ?

ਪੰਜਾਬ ਦੀ ਧਰਤੀ ਨੇ ਦੇਸ਼ ਦੀ ਆਜ਼ਾਦੀ ਲਈ ਸਭ ਤੋਂ ਵੱਧ ਕੁਰਬਾਨੀਆਂ ਦਿੱਤੀਆਂ ਹਨ। ਇਸ ਦੇ ਬਾਵਜੂਦ ਅੱਜ ਪੰਜਾਬ ਕਰਜ਼ੇ ਹੇਠ ਦੱਬਿਆ ਪਿਆ ਹੈ, ਕਿਸਾਨ ਖੁਦਕੁਸ਼ੀਆਂ ਕਰ ਰਹੇ ਹਨ ਅਤੇ ਨੌਜਵਾਨ ਵਿਦੇਸ਼ਾਂ ਵੱਲ ਭੱਜ ਰਹੇ ਹਨ।

1984 ਤੋਂ ਬਾਅਦ ਅਣਗਿਣਤ ਜ਼ਖ਼ਮ 18 ਸਾਲ ਤਕ ਵਾਪਰ ਦਰ ਸਿੱਖ ਕੌਮ ਦੇ ਨਾਲ ਜੋ ਕੁਝ ਹੋਇਆ, ਉਹ ਇਤਿਹਾਸ ਦੇ ਪੰਨਿਆਂ ਵਿੱਚ ਦਰਜ ਹੈ। ਇਨਸਾਫ਼ ਲਈ ਅੱਜ ਵੀ ਲੜਾਈ ਜਾਰੀ ਹੈ।

ਵੋਟ ਇੱਕ ਅਜਿਹਾ ਹਥਿਆਰ ਹੈ ਜਿਸ ਨਾਲ ਲੋਕ ਸਰਕਾਰਾਂ ਬਦਲ ਸਕਦੇ ਹਨ। ਇਸ ਲਈ ਹਰ ਵੋਟਰ ਨੂੰ ਸੋਚ ਸਮਝ ਕੇ ਅਤੇ ਜਾਗਦੀ ਜਮੀਰ ਨਾਲ ਵੋਟ ਪਾਉਣੀ ਚਾਹੀਦੀ ਹੈ। ਪੈਸੇ, ਨਸ਼ੇ ਜਾਂ ਲਾਲਚ ਵਿੱਚ ਆ ਕੇ ਵੋਟ ਵੇਚਣਾ ਆਪਣੇ ਭਵਿੱਖ ਨਾਲ ਧੋਖਾ ਹੈ।

ਦੇਸ਼ ਅੰਦਰ ਲੋਕ ਸਭਾ ਚੋਣਾਂ ਦਾ ਬਿਗਲ ਵੱਜ ਚੁੱਕਾ ਹੈ। ਹਰ ਸਿਆਸੀ ਪਾਰਟੀ ਆਪਣੇ ਉਮੀਦਵਾਰ ਐਲਾਨ ਰਹੀ ਹੈ ਅਤੇ ਵੋਟਰਾਂ ਨੂੰ ਲੁਭਾਉਣ ਲਈ ਵੱਡੇ ਵੱਡੇ ਵਾਅਦੇ ਕੀਤੇ ਜਾ ਰਹੇ ਹਨ। ਪਰ ਸਵਾਲ ਇਹ ਹੈ ਕਿ ਪਿਛਲੇ ਪੰਜ ਸਾਲਾਂ ਵਿੱਚ ਜੋ ਵਾਅਦੇ ਕੀਤੇ ਗਏ ਸਨ, ਉਨ੍ਹਾਂ ਦਾ ਕੀ ਬਣਿਆ?

ਪੰਜਾਬ ਦੀ ਧਰਤੀ ਨੇ ਦੇਸ਼ ਦੀ ਆਜ਼ਾਦੀ ਲਈ ਸਭ ਤੋਂ ਵੱਧ ਕੁਰਬਾਨੀਆਂ ਦਿੱਤੀਆਂ ਹਨ। ਇਸ ਦੇ ਬਾਵਜੂਦ ਅੱਜ ਪੰਜਾਬ ਕਰਜ਼ੇ ਹੇਠ ਦੱਬਿਆ ਪਿਆ ਹੈ, ਕਿਸਾਨ ਖੁਦਕੁਸ਼ੀਆਂ ਕਰ ਰਹੇ ਹਨ ਅਤੇ ਨੌਜਵਾਨ ਵਿਦੇਸ਼ਾਂ ਵੱਲ ਭੱਜ ਰਹੇ ਹਨ।

1984 ਤੋਂ ਬਾਅਦ ਅਣਗਿਣਤ ਜ਼ਖ਼ਮ 18 ਸਾਲ ਤਕ ਵਾਪਰ ਦਰ ਸਿੱਖ ਕੌਮ ਦੇ ਨਾਲ ਜੋ ਕੁਝ ਹੋਇਆ, ਉਹ ਇਤਿਹਾਸ ਦੇ ਪੰਨਿਆਂ ਵਿੱਚ ਦਰਜ ਹੈ। ਇਨਸਾਫ਼ ਲਈ ਅੱਜ ਵੀ ਲੜਾਈ ਜਾਰੀ ਹੈ।

ਇਕ ਸਿੱਖ ਵਿਚਾਰ

ਵੋਟ ਇੱਕ ਅਜਿਹਾ ਹਥਿਆਰ ਹੈ ਜਿਸ ਨਾਲ ਲੋਕ ਸਰਕਾਰਾਂ ਬਦਲ ਸਕਦੇ ਹਨ। ਇਸ ਲਈ ਹਰ ਵੋਟਰ ਨੂੰ ਸੋਚ ਸਮਝ ਕੇ ਅਤੇ ਜਾਗਦੀ ਜਮੀਰ ਨਾਲ ਵੋਟ ਪਾਉਣੀ ਚਾਹੀਦੀ ਹੈ। ਪੈਸੇ, ਨਸ਼ੇ ਜਾਂ ਲਾਲਚ ਵਿੱਚ ਆ ਕੇ ਵੋਟ ਵੇਚਣਾ ਆਪਣੇ ਭਵਿੱਖ ਨਾਲ ਧੋਖਾ ਹੈ।

ਦੇਸ਼ ਅੰਦਰ ਲੋਕ ਸਭਾ ਚੋਣਾਂ ਦਾ ਬਿਗਲ ਵੱਜ ਚੁੱਕਾ ਹੈ। ਹਰ ਸਿਆਸੀ ਪਾਰਟੀ ਆਪਣੇ ਉਮੀਦਵਾਰ ਐਲਾਨ ਰਹੀ ਹੈ ਅਤੇ ਵੋਟਰਾਂ ਨੂੰ ਲੁਭਾਉਣ ਲਈ ਵੱਡੇ ਵੱਡੇ ਵਾਅਦੇ ਕੀਤੇ ਜਾ ਰਹੇ ਹਨ। ਪਰ ਸਵਾਲ ਇਹ ਹੈ ਕਿ ਪਿਛਲੇ ਪੰਜ ਸਾਲਾਂ ਵਿੱਚ ਜੋ ਵਾਅਦੇ ਕੀਤੇ ਗਏ ਸਨ, ਉਨ੍ਹਾਂ ਦਾ ਕੀ ਬਣਿਆ?

ਪੰਜਾਬ ਦੀ ਧਰਤੀ ਨੇ ਦੇਸ਼ ਦੀ ਆਜ਼ਾਦੀ ਲਈ ਸਭ ਤੋਂ ਵੱਧ ਕੁਰਬਾਨੀਆਂ ਦਿੱਤੀਆਂ ਹਨ। ਇਸ ਦੇ ਬਾਵਜੂਦ ਅੱਜ ਪੰਜਾਬ ਕਰਜ਼ੇ ਹੇਠ ਦੱਬਿਆ ਪਿਆ ਹੈ, ਕਿਸਾਨ ਖੁਦਕੁਸ਼ੀਆਂ ਕਰ ਰਹੇ ਹਨ ਅਤੇ ਨੌਜਵਾਨ ਵਿਦੇਸ਼ਾਂ ਵੱਲ ਭੱਜ ਰਹੇ ਹਨ।

1984 ਤੋਂ ਬਾਅਦ ਅਣਗਿਣਤ ਜ਼ਖ਼ਮ 18 ਸਾਲ ਤਕ ਵਾਪਰ ਦਰ ਸਿੱਖ ਕੌਮ ਦੇ ਨਾਲ ਜੋ ਕੁਝ ਹੋਇਆ, ਉਹ ਇਤਿਹਾਸ ਦੇ ਪੰਨਿਆਂ ਵਿੱਚ ਦਰਜ ਹੈ। ਇਨਸਾਫ਼ ਲਈ ਅੱਜ ਵੀ ਲੜਾਈ ਜਾਰੀ ਹੈ।

ਵੋਟ ਇੱਕ ਅਜਿਹਾ ਹਥਿਆਰ ਹੈ ਜਿਸ ਨਾਲ ਲੋਕ ਸਰਕਾਰਾਂ ਬਦਲ ਸਕਦੇ ਹਨ। ਇਸ ਲਈ ਹਰ ਵੋਟਰ ਨੂੰ ਸੋਚ ਸਮਝ ਕੇ ਅਤੇ ਜਾਗਦੀ ਜਮੀਰ ਨਾਲ ਵੋਟ ਪਾਉਣੀ ਚਾਹੀਦੀ ਹੈ। ਪੈਸੇ, ਨਸ਼ੇ ਜਾਂ ਲਾਲਚ ਵਿੱਚ ਆ ਕੇ ਵੋਟ ਵੇਚਣਾ ਆਪਣੇ ਭਵਿੱਖ ਨਾਲ ਧੋਖਾ ਹੈ।

ਦੇਸ਼ ਅੰਦਰ ਲੋਕ ਸਭਾ ਚੋਣਾਂ ਦਾ ਬਿਗਲ ਵੱਜ ਚੁੱਕਾ ਹੈ। ਹਰ ਸਿਆਸੀ ਪਾਰਟੀ ਆਪਣੇ ਉਮੀਦਵਾਰ ਐਲਾਨ ਰਹੀ ਹੈ ਅਤੇ ਵੋਟਰਾਂ ਨੂੰ ਲੁਭਾਉਣ ਲਈ ਵੱਡੇ ਵੱਡੇ ਵਾਅਦੇ ਕੀਤੇ ਜਾ ਰਹੇ ਹਨ। ਪਰ ਸਵਾਲ ਇਹ ਹੈ ਕਿ ਪਿਛਲੇ ਪੰਜ ਸਾਲਾਂ ਵਿੱਚ ਜੋ ਵਾਅਦੇ ਕੀਤੇ ਗਏ ਸਨ, ਉਨ੍ਹਾਂ ਦਾ ਕੀ ਬਣਿਆ?

ਪੰਜਾਬ ਦੀ ਧਰਤੀ ਨੇ ਦੇਸ਼ ਦੀ ਆਜ਼ਾਦੀ ਲਈ ਸਭ ਤੋਂ ਵੱਧ ਕੁਰਬਾਨੀਆਂ ਦਿੱਤੀਆਂ ਹਨ। ਇਸ ਦੇ ਬਾਵਜੂਦ ਅੱਜ ਪੰਜਾਬ ਕਰਜ਼ੇ ਹੇਠ ਦੱਬਿਆ ਪਿਆ ਹੈ, ਕਿਸਾਨ ਖੁਦਕੁਸ਼ੀਆਂ ਕਰ ਰਹੇ ਹਨ ਅਤੇ ਨੌਜਵਾਨ ਵਿਦੇਸ਼ਾਂ ਵੱਲ ਭੱਜ ਰਹੇ ਹਨ।

- ਕੁਲਵੰਤ ਸਿੰਘ ਕੰਗ
98152 67963
